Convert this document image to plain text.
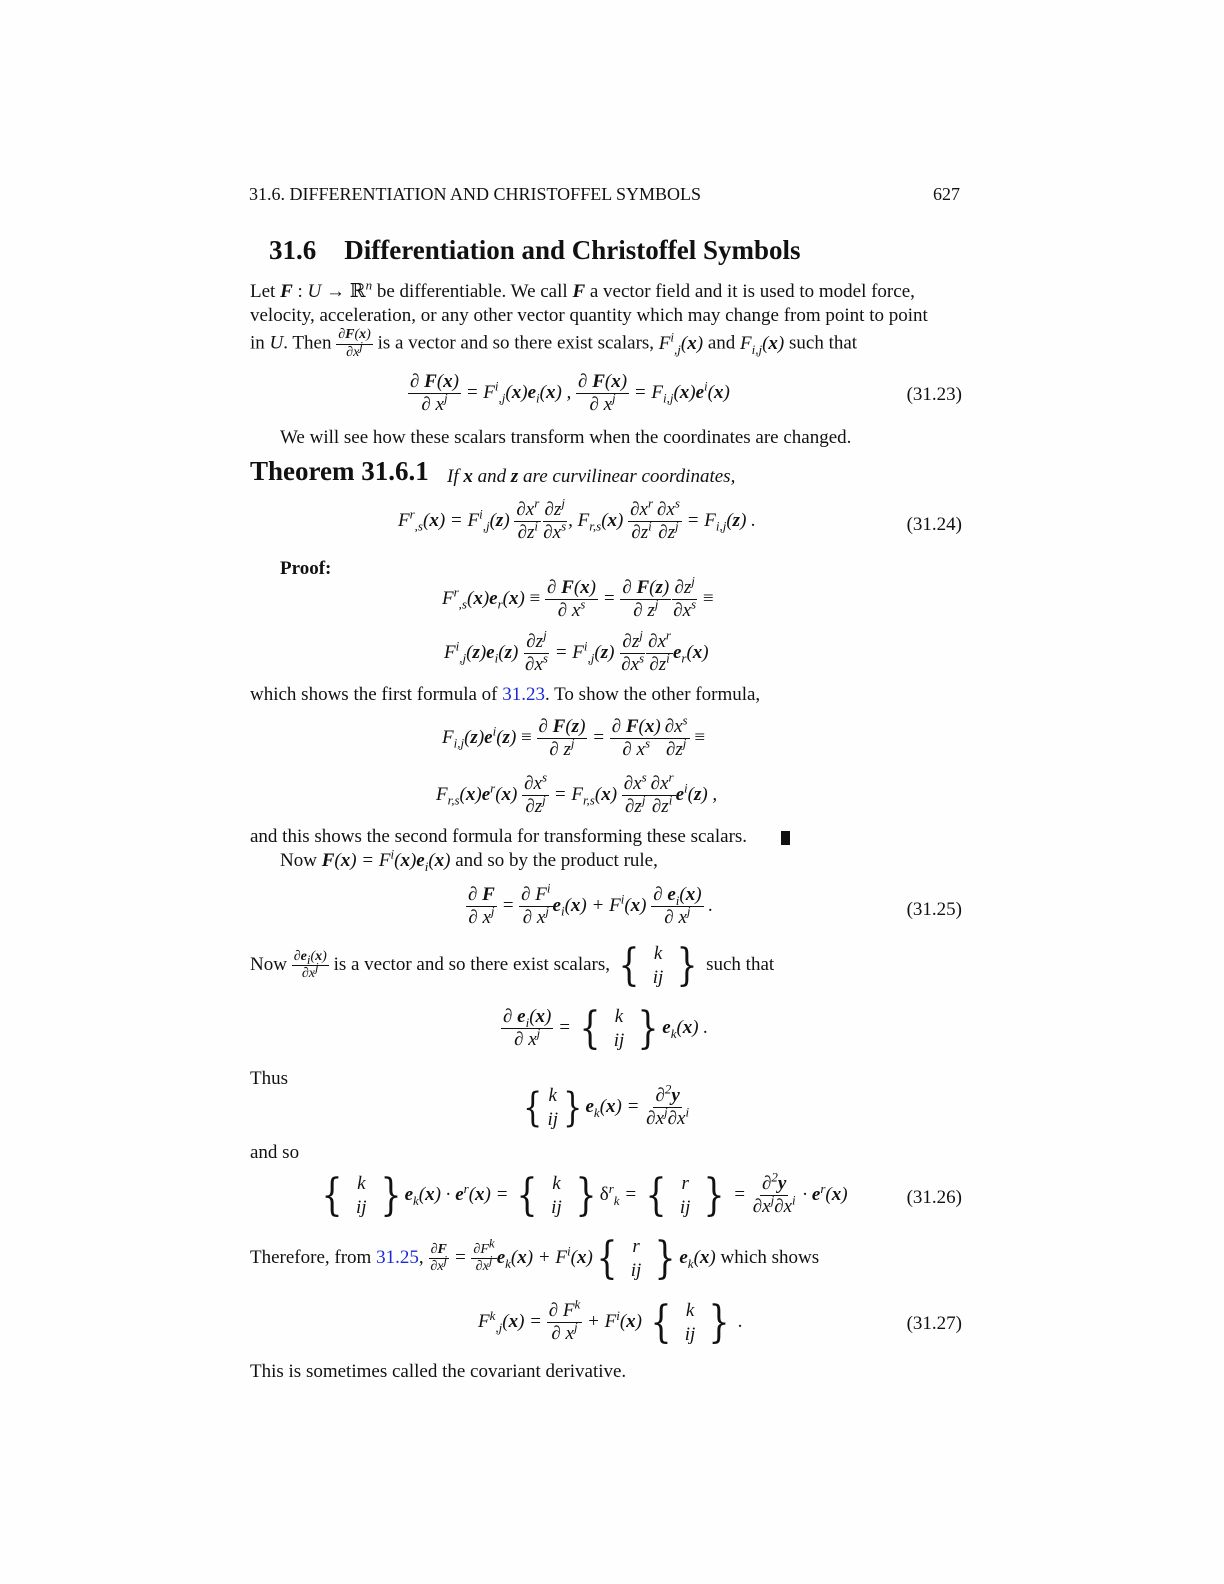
31.6. DIFFERENTIATION AND CHRISTOFFEL SYMBOLS	627
31.6 Differentiation and Christoffel Symbols
Let F : U → ℝ$^n$ be differentiable. We call F a vector field and it is used to model force,
velocity, acceleration, or any other vector quantity which may change from point to point
in U. Then $\frac{\partial F(x)}{\partial x^j}$ is a vector and so there exist scalars, $F^i_{,j}(x)$ and $F_{i,j}(x)$ such that
$\frac{\partial F(x)}{\partial x^j} = F^i_{,j}(x)e_i(x)$ , $\frac{\partial F(x)}{\partial x^j} = F_{i,j}(x)e^i(x)$	(31.23)
We will see how these scalars transform when the coordinates are changed.
Theorem 31.6.1 If x and z are curvilinear coordinates,
$F^r_{,s}(x) = F^i_{,j}(z) \frac{\partial x^r}{\partial z^i} \frac{\partial z^j}{\partial x^s}$ , $F_{r,s}(x) \frac{\partial x^r}{\partial z^i} \frac{\partial x^s}{\partial z^j} = F_{i,j}(z)$ .	(31.24)
Proof:
$F^r_{,s}(x)e_r(x) \equiv \frac{\partial F(x)}{\partial x^s} = \frac{\partial F(z)}{\partial z^j} \frac{\partial z^j}{\partial x^s}$ ≡
$F^i_{,j}(z)e_i(z) \frac{\partial z^j}{\partial x^s} = F^i_{,j}(z) \frac{\partial z^j}{\partial x^s} \frac{\partial x^r}{\partial z^i} e_r(x)$
which shows the first formula of 31.23. To show the other formula,
$F_{i,j}(z)e^i(z) \equiv \frac{\partial F(z)}{\partial z^j} = \frac{\partial F(x)}{\partial x^s} \frac{\partial x^s}{\partial z^j}$ ≡
$F_{r,s}(x)e^r(x) \frac{\partial x^s}{\partial z^j} = F_{r,s}(x) \frac{\partial x^s}{\partial z^j} \frac{\partial x^r}{\partial z^i} e^i(z)$ ,
and this shows the second formula for transforming these scalars.
Now $F(x) = F^i(x)e_i(x)$ and so by the product rule,
$\frac{\partial F}{\partial x^j} = \frac{\partial F^i}{\partial x^j} e_i(x) + F^i(x) \frac{\partial e_i(x)}{\partial x^j}$ .	(31.25)
Now $\frac{\partial e_i(x)}{\partial x^j}$ is a vector and so there exist scalars, { k
ij } such that
$\frac{\partial e_i(x)}{\partial x^j}$ = { k
ij } $e_k(x)$ .
Thus
{ k
ij } $e_k(x) = \frac{\partial^2y}{\partial x^j\partial x^i}$
and so
{ k
ij } $e_k(x) \cdot e^r(x)$ = { k
ij } $\delta^r_k$ = { r
ij } = $\frac{\partial^2y}{\partial x^j\partial x^i} \cdot e^r(x)$	(31.26)
Therefore, from 31.25, $\frac{\partial F}{\partial x^j} = \frac{\partial F^k}{\partial x^j} e_k(x) + F^i(x)$ { r
ij } $e_k(x)$ which shows
$F^k_{,j}(x) = \frac{\partial F^k}{\partial x^j} + F^i(x)$ { k
ij } .	(31.27)
This is sometimes called the covariant derivative.
